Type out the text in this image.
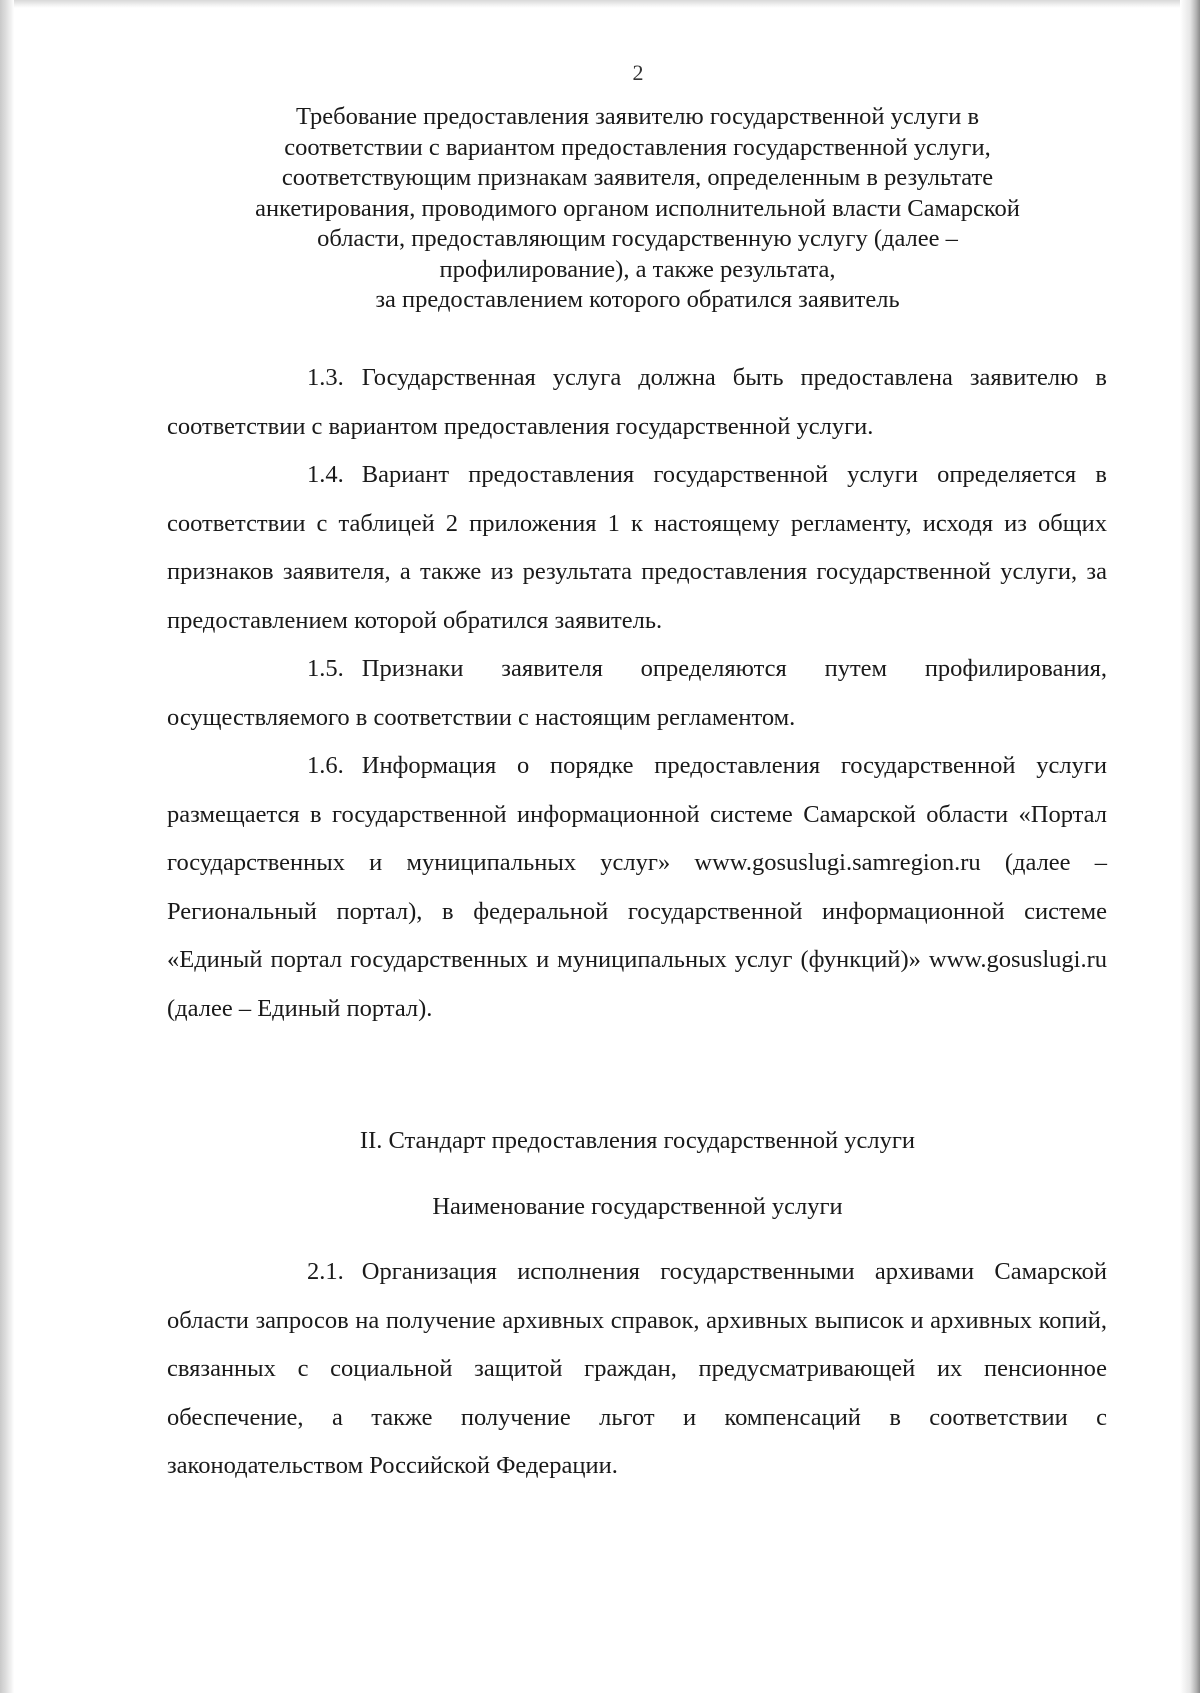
2
Требование предоставления заявителю государственной услуги в
соответствии с вариантом предоставления государственной услуги,
соответствующим признакам заявителя, определенным в результате
анкетирования, проводимого органом исполнительной власти Самарской
области, предоставляющим государственную услугу (далее –
профилирование), а также результата,
за предоставлением которого обратился заявитель

1.3. Государственная услуга должна быть предоставлена заявителю в соответствии с вариантом предоставления государственной услуги.

1.4. Вариант предоставления государственной услуги определяется в соответствии с таблицей 2 приложения 1 к настоящему регламенту, исходя из общих признаков заявителя, а также из результата предоставления государственной услуги, за предоставлением которой обратился заявитель.

1.5. Признаки заявителя определяются путем профилирования, осуществляемого в соответствии с настоящим регламентом.

1.6. Информация о порядке предоставления государственной услуги размещается в государственной информационной системе Самарской области «Портал государственных и муниципальных услуг» www.gosuslugi.samregion.ru (далее – Региональный портал), в федеральной государственной информационной системе «Единый портал государственных и муниципальных услуг (функций)» www.gosuslugi.ru (далее – Единый портал).

II. Стандарт предоставления государственной услуги
Наименование государственной услуги

2.1. Организация исполнения государственными архивами Самарской области запросов на получение архивных справок, архивных выписок и архивных копий, связанных с социальной защитой граждан, предусматривающей их пенсионное обеспечение, а также получение льгот и компенсаций в соответствии с законодательством Российской Федерации.
